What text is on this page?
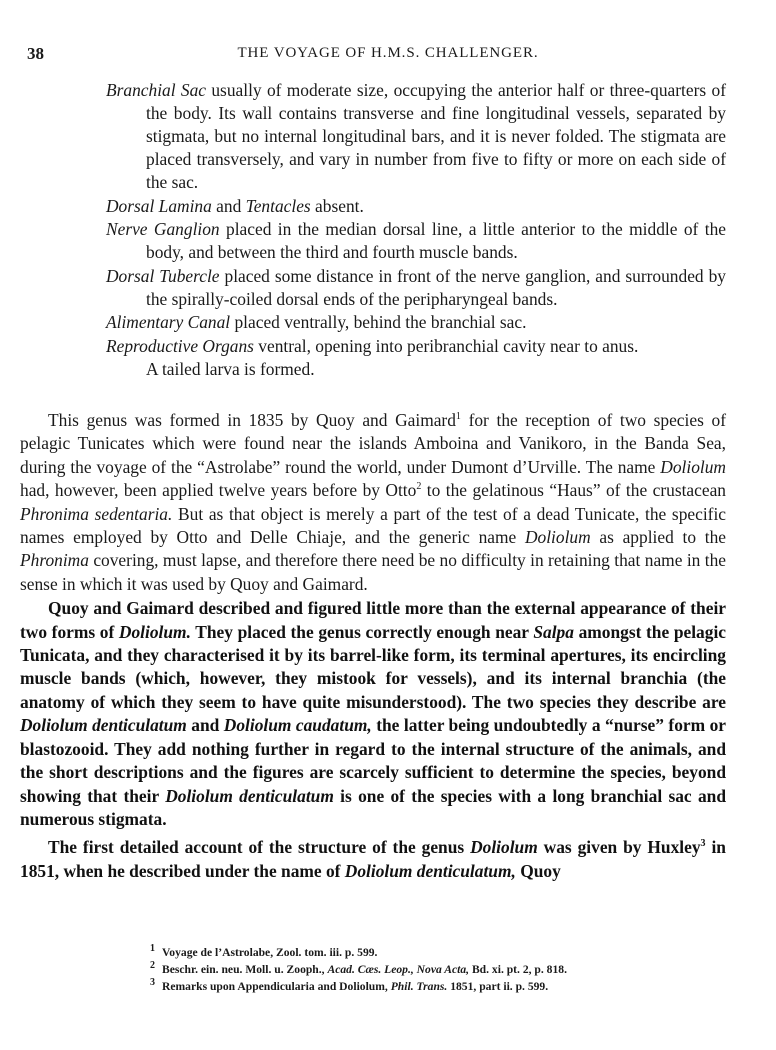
38	THE VOYAGE OF H.M.S. CHALLENGER.

Branchial Sac usually of moderate size, occupying the anterior half or three-quarters of the body. Its wall contains transverse and fine longitudinal vessels, separated by stigmata, but no internal longitudinal bars, and it is never folded. The stigmata are placed transversely, and vary in number from five to fifty or more on each side of the sac.

Dorsal Lamina and Tentacles absent.

Nerve Ganglion placed in the median dorsal line, a little anterior to the middle of the body, and between the third and fourth muscle bands.

Dorsal Tubercle placed some distance in front of the nerve ganglion, and surrounded by the spirally-coiled dorsal ends of the peripharyngeal bands.

Alimentary Canal placed ventrally, behind the branchial sac.

Reproductive Organs ventral, opening into peribranchial cavity near to anus.
A tailed larva is formed.

This genus was formed in 1835 by Quoy and Gaimard$^1$ for the reception of two species of pelagic Tunicates which were found near the islands Amboina and Vanikoro, in the Banda Sea, during the voyage of the “Astrolabe” round the world, under Dumont d’Urville. The name Doliolum had, however, been applied twelve years before by Otto$^2$ to the gelatinous “Haus” of the crustacean Phronima sedentaria. But as that object is merely a part of the test of a dead Tunicate, the specific names employed by Otto and Delle Chiaje, and the generic name Doliolum as applied to the Phronima covering, must lapse, and therefore there need be no difficulty in retaining that name in the sense in which it was used by Quoy and Gaimard.

Quoy and Gaimard described and figured little more than the external appearance of their two forms of Doliolum. They placed the genus correctly enough near Salpa amongst the pelagic Tunicata, and they characterised it by its barrel-like form, its terminal apertures, its encircling muscle bands (which, however, they mistook for vessels), and its internal branchia (the anatomy of which they seem to have quite misunderstood). The two species they describe are Doliolum denticulatum and Doliolum caudatum, the latter being undoubtedly a “nurse” form or blastozooid. They add nothing further in regard to the internal structure of the animals, and the short descriptions and the figures are scarcely sufficient to determine the species, beyond showing that their Doliolum denticulatum is one of the species with a long branchial sac and numerous stigmata.

The first detailed account of the structure of the genus Doliolum was given by Huxley$^3$ in 1851, when he described under the name of Doliolum denticulatum, Quoy

$^1$ Voyage de l’Astrolabe, Zool. tom. iii. p. 599.
$^2$ Beschr. ein. neu. Moll. u. Zooph., Acad. Cæs. Leop., Nova Acta, Bd. xi. pt. 2, p. 818.
$^3$ Remarks upon Appendicularia and Doliolum, Phil. Trans. 1851, part ii. p. 599.
